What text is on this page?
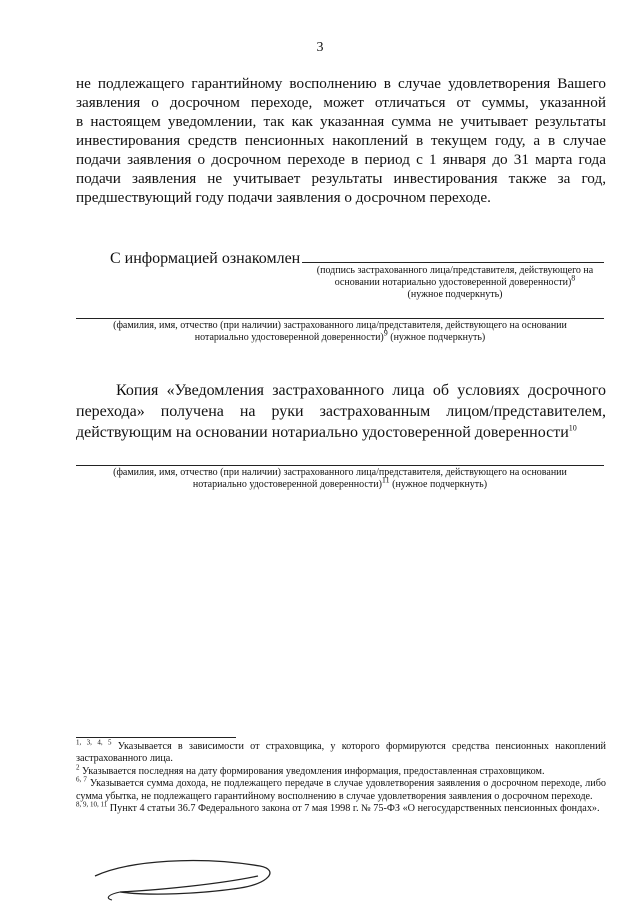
3
не подлежащего гарантийному восполнению в случае удовлетворения Вашего
заявления о досрочном переходе, может отличаться от суммы, указанной
в настоящем уведомлении, так как указанная сумма не учитывает результаты
инвестирования средств пенсионных накоплений в текущем году, а в случае
подачи заявления о досрочном переходе в период с 1 января до 31 марта года
подачи заявления не учитывает результаты инвестирования также за год,
предшествующий году подачи заявления о досрочном переходе.
С информацией ознакомлен
(подпись застрахованного лица/представителя, действующего на
основании нотариально удостоверенной доверенности)$^8$
(нужное подчеркнуть)
(фамилия, имя, отчество (при наличии) застрахованного лица/представителя, действующего на основании
нотариально удостоверенной доверенности)$^9$ (нужное подчеркнуть)
Копия «Уведомления застрахованного лица об условиях досрочного
перехода» получена на руки застрахованным лицом/представителем,
действующим на основании нотариально удостоверенной доверенности$^{10}$
(фамилия, имя, отчество (при наличии) застрахованного лица/представителя, действующего на основании
нотариально удостоверенной доверенности)$^{11}$ (нужное подчеркнуть)
$^{1, 3, 4, 5}$ Указывается в зависимости от страховщика, у которого формируются средства пенсионных накоплений застрахованного лица.
$^2$ Указывается последняя на дату формирования уведомления информация, предоставленная страховщиком.
$^{6, 7}$ Указывается сумма дохода, не подлежащего передаче в случае удовлетворения заявления о досрочном переходе, либо сумма убытка, не подлежащего гарантийному восполнению в случае удовлетворения заявления о досрочном переходе.
$^{8, 9, 10, 11}$ Пункт 4 статьи 36.7 Федерального закона от 7 мая 1998 г. № 75-ФЗ «О негосударственных пенсионных фондах».
